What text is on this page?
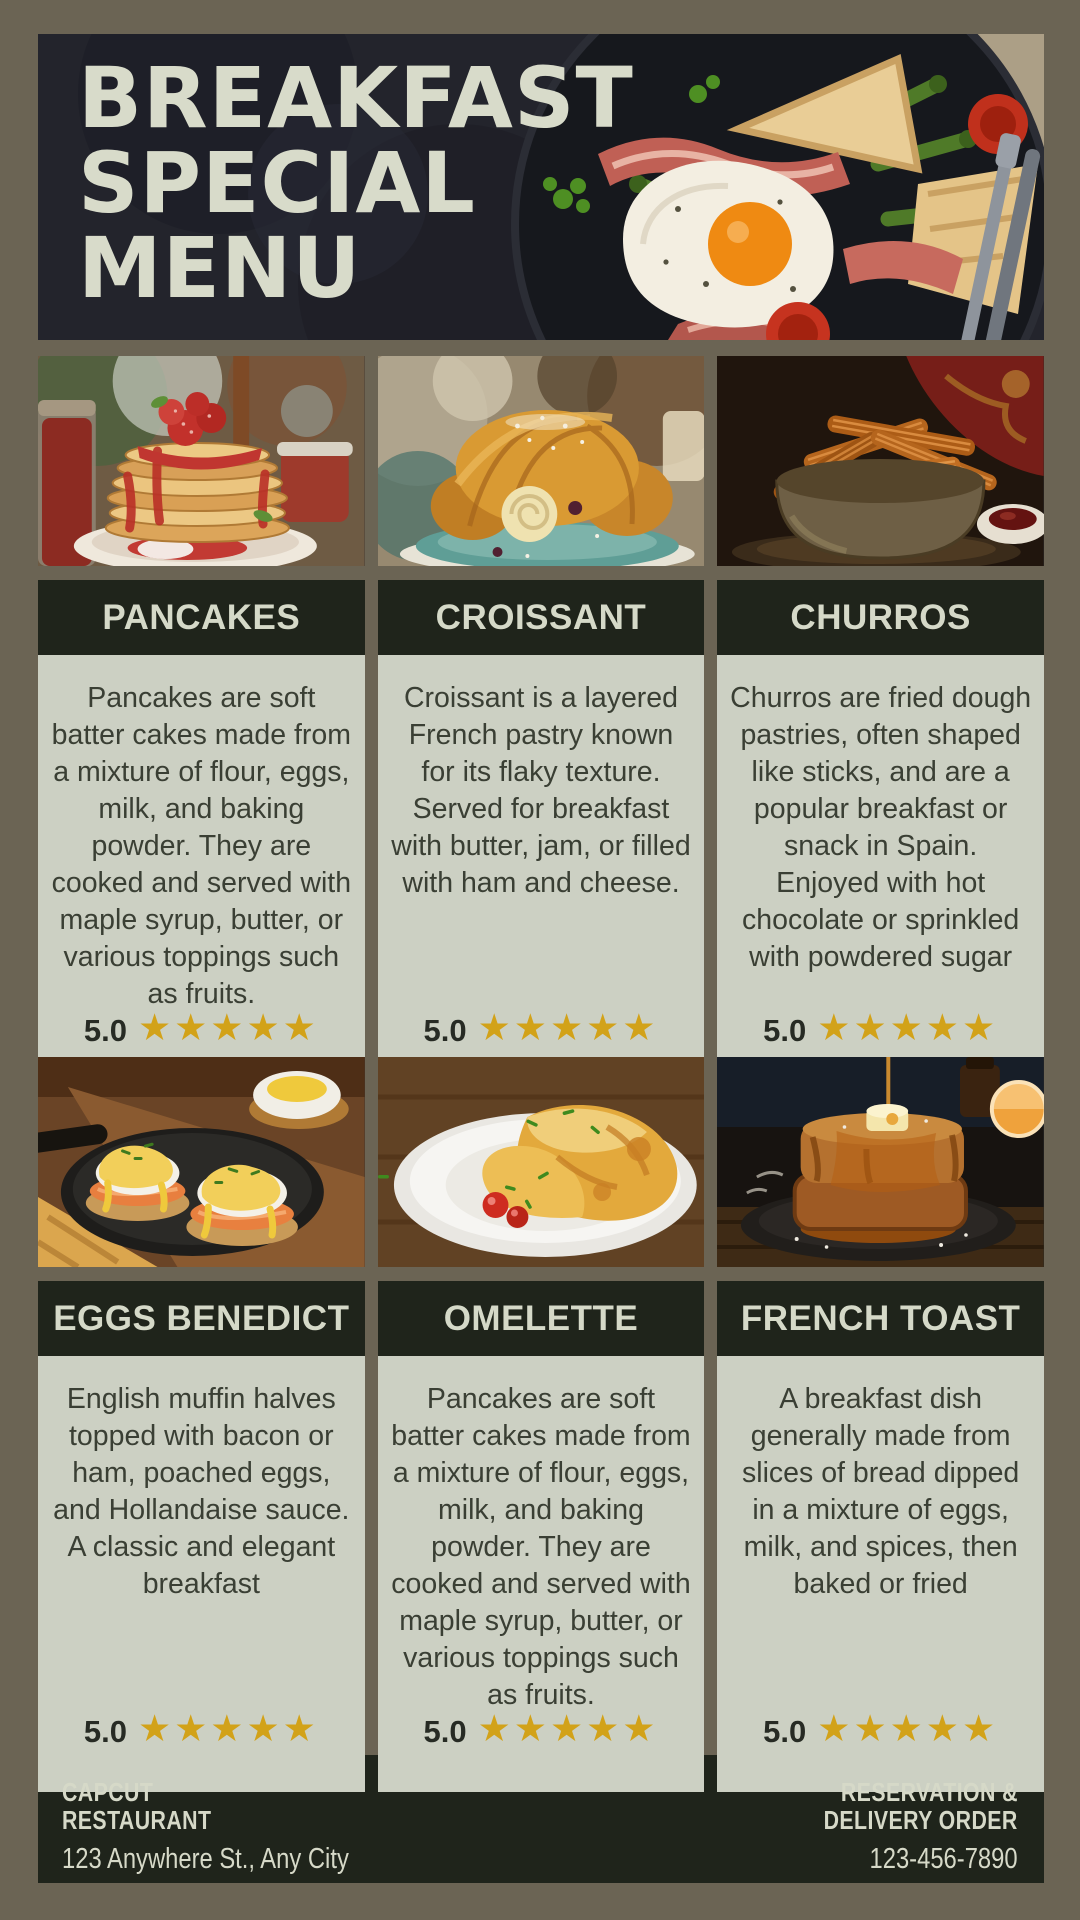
BREAKFAST
SPECIAL
MENU
PANCAKES
Pancakes are soft batter cakes made from a mixture of flour, eggs, milk, and baking powder. They are cooked and served with maple syrup, butter, or various toppings such as fruits.
5.0 ★★★★★
CROISSANT
Croissant is a layered French pastry known for its flaky texture. Served for breakfast with butter, jam, or filled with ham and cheese.
5.0 ★★★★★
CHURROS
Churros are fried dough pastries, often shaped like sticks, and are a popular breakfast or snack in Spain. Enjoyed with hot chocolate or sprinkled with powdered sugar
5.0 ★★★★★
EGGS BENEDICT
English muffin halves topped with bacon or ham, poached eggs, and Hollandaise sauce. A classic and elegant breakfast
5.0 ★★★★★
OMELETTE
Pancakes are soft batter cakes made from a mixture of flour, eggs, milk, and baking powder. They are cooked and served with maple syrup, butter, or various toppings such as fruits.
5.0 ★★★★★
FRENCH TOAST
A breakfast dish generally made from slices of bread dipped in a mixture of eggs, milk, and spices, then baked or fried
5.0 ★★★★★
CAPCUT
RESTAURANT
123 Anywhere St., Any City
RESERVATION &
DELIVERY ORDER
123-456-7890
